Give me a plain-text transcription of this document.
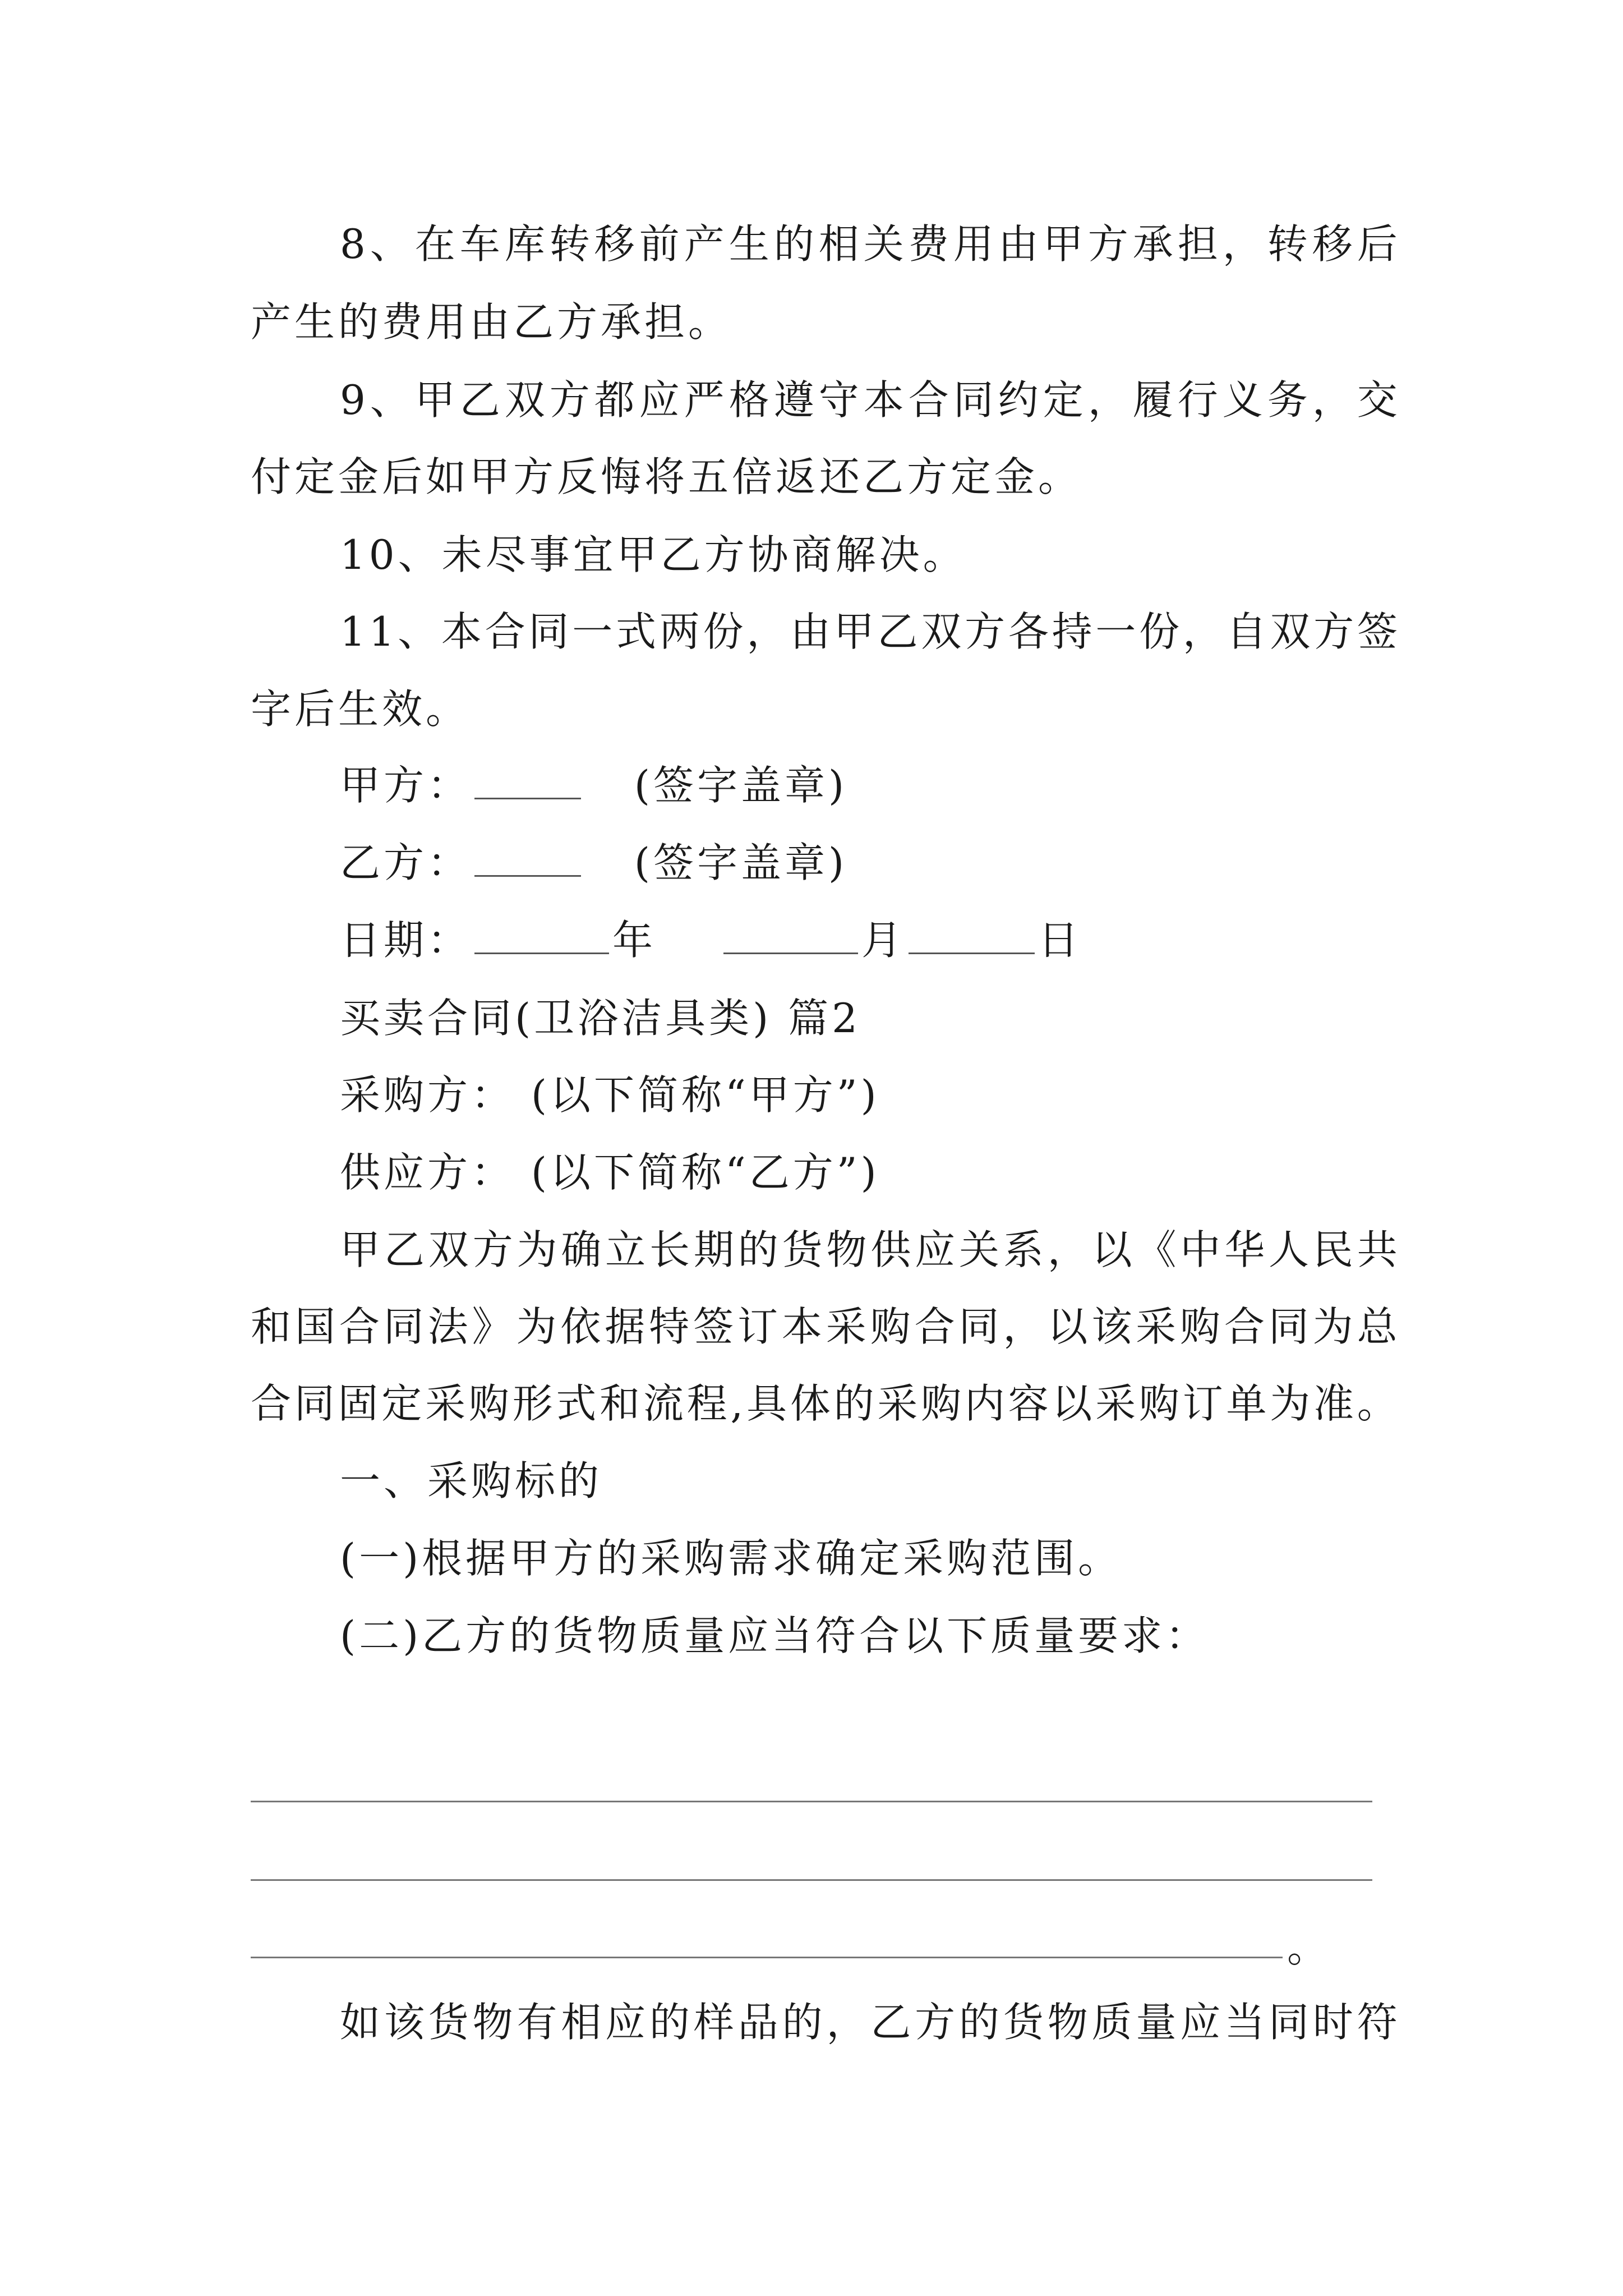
8 、 在 车 库 转 移 前 产 生 的 相 关 费 用 由 甲 方 承 担 ， 转 移 后
产生的费用由乙方承担。
9 、 甲 乙 双 方 都 应 严 格 遵 守 本 合 同 约 定 ， 履 行 义 务 ， 交
付定金后如甲方反悔将五倍返还乙方定金。
10、未尽事宜甲乙方协商解决。
1 1 、 本 合 同 一 式 两 份 ， 由 甲 乙 双 方 各 持 一 份 ， 自 双 方 签
字后生效。
甲方：	(签字盖章)
乙方：	(签字盖章)
日期：	年	月	日
买卖合同(卫浴洁具类) 篇2
采购方： (以下简称“甲方”)
供应方： (以下简称“乙方”)
甲 乙 双 方 为 确 立 长 期 的 货 物 供 应 关 系 ， 以 《 中 华 人 民 共
和 国 合 同 法 》 为 依 据 特 签 订 本 采 购 合 同 ， 以 该 采 购 合 同 为 总
合 同 固 定 采 购 形 式 和 流 程 , 具 体 的 采 购 内 容 以 采 购 订 单 为 准 。
一、采购标的
(一)根据甲方的采购需求确定采购范围。
(二)乙方的货物质量应当符合以下质量要求：
。
如 该 货 物 有 相 应 的 样 品 的 ， 乙 方 的 货 物 质 量 应 当 同 时 符
